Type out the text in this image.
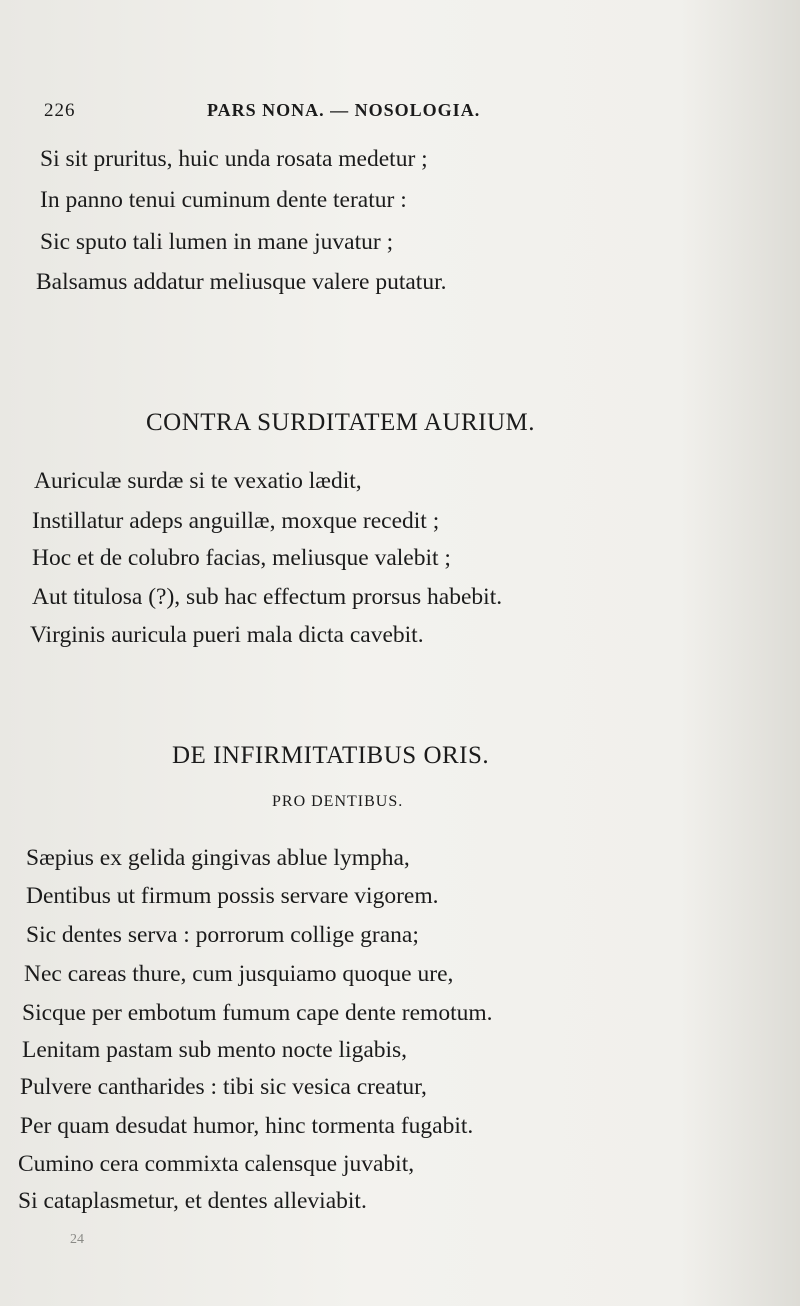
226	PARS NONA. — NOSOLOGIA.
Si sit pruritus, huic unda rosata medetur ;
In panno tenui cuminum dente teratur :
Sic sputo tali lumen in mane juvatur ;
Balsamus addatur meliusque valere putatur.
CONTRA SURDITATEM AURIUM.
Auriculæ surdæ si te vexatio lædit,
Instillatur adeps anguillæ, moxque recedit ;
Hoc et de colubro facias, meliusque valebit ;
Aut titulosa (?), sub hac effectum prorsus habebit.
Virginis auricula pueri mala dicta cavebit.
DE INFIRMITATIBUS ORIS.
PRO DENTIBUS.
Sæpius ex gelida gingivas ablue lympha,
Dentibus ut firmum possis servare vigorem.
Sic dentes serva : porrorum collige grana;
Nec careas thure, cum jusquiamo quoque ure,
Sicque per embotum fumum cape dente remotum.
Lenitam pastam sub mento nocte ligabis,
Pulvere cantharides : tibi sic vesica creatur,
Per quam desudat humor, hinc tormenta fugabit.
Cumino cera commixta calensque juvabit,
Si cataplasmetur, et dentes alleviabit.
24
